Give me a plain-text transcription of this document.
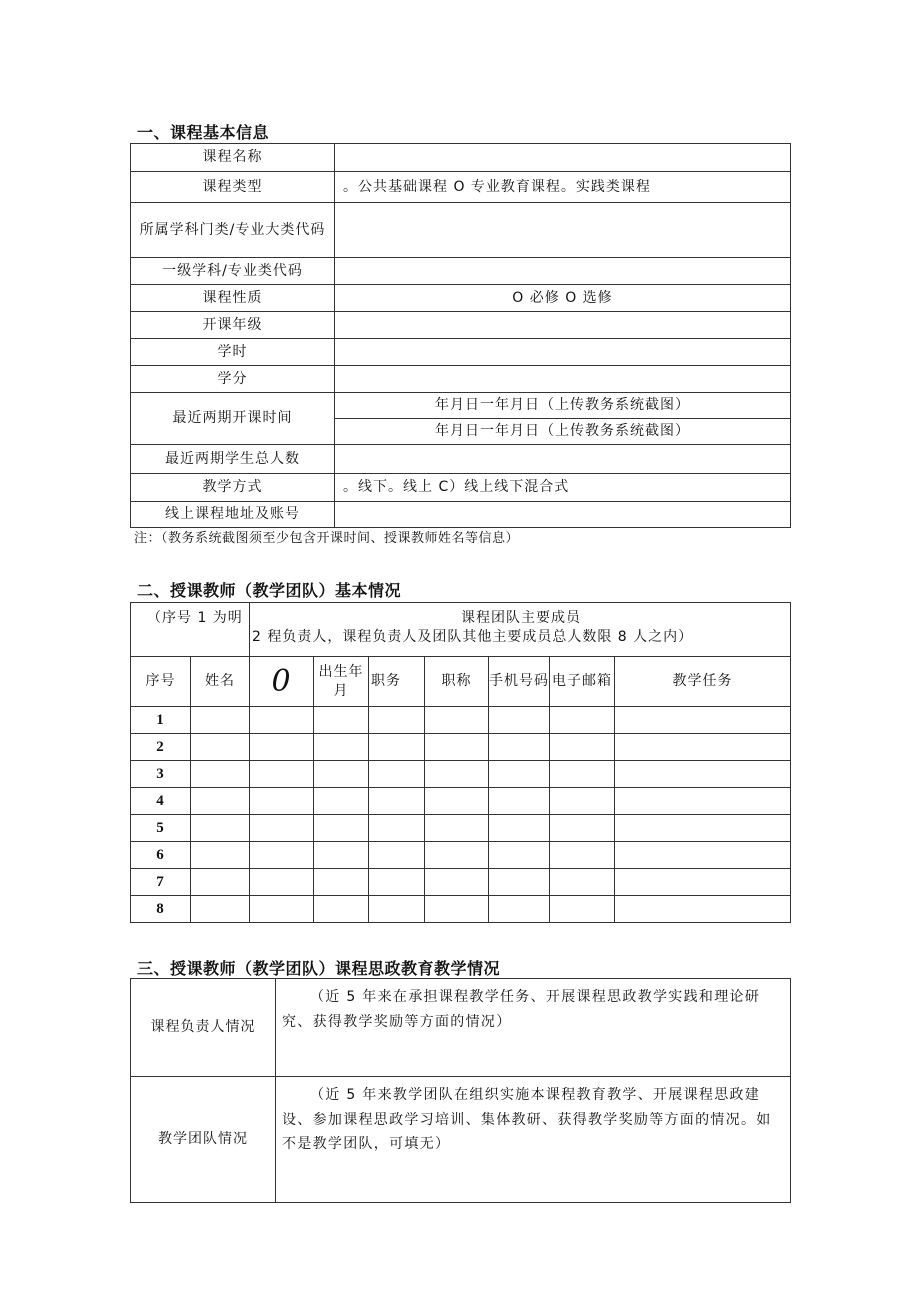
一、课程基本信息
课程名称	
课程类型	。公共基础课程 O 专业教育课程。实践类课程
所属学科门类/专业大类代码	
一级学科/专业类代码	
课程性质	O 必修 O 选修
开课年级	
学时	
学分	
最近两期开课时间	年月日一年月日（上传教务系统截图）
	年月日一年月日（上传教务系统截图）
最近两期学生总人数	
教学方式	。线下。线上 C）线上线下混合式
线上课程地址及账号	
注：（教务系统截图须至少包含开课时间、授课教师姓名等信息）
二、授课教师（教学团队）基本情况
（序号 1 为明		课程团队主要成员
2 程负责人，课程负责人及团队其他主要成员总人数限 8 人之内）						

序号	姓名	0	出生年月	职务	职称	手机号码	电子邮箱	教学任务
1								
2								
3								
4								
5								
6								
7								
8								
三、授课教师（教学团队）课程思政教育教学情况
课程负责人情况	（近 5 年来在承担课程教学任务、开展课程思政教学实践和理论研究、获得教学奖励等方面的情况）
教学团队情况	（近 5 年来教学团队在组织实施本课程教育教学、开展课程思政建设、参加课程思政学习培训、集体教研、获得教学奖励等方面的情况。如不是教学团队，可填无）
